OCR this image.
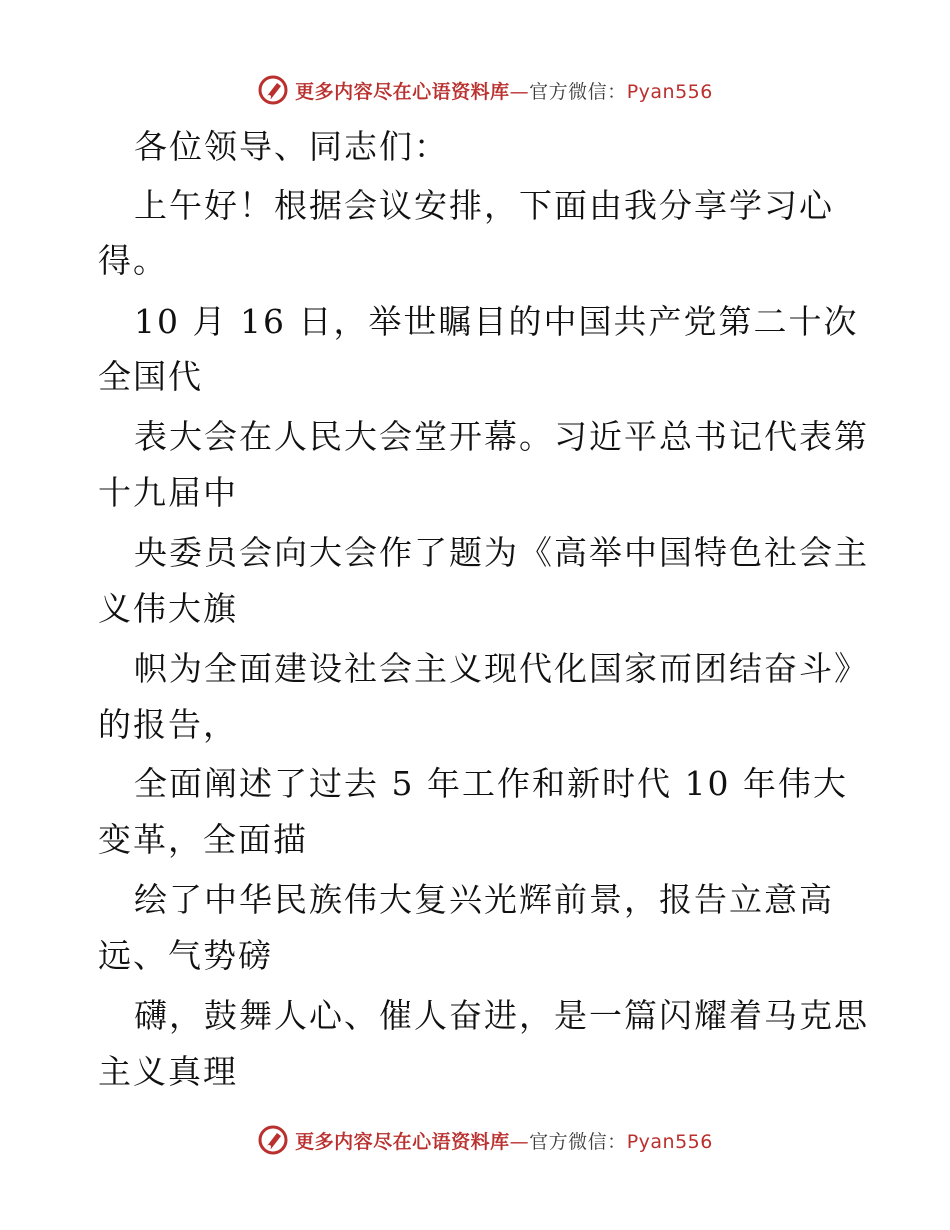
更多内容尽在心语资料库—官方微信：Pyan556
各位领导、同志们：
上午好！根据会议安排，下面由我分享学习心
得。
10 月 16 日，举世瞩目的中国共产党第二十次
全国代
表大会在人民大会堂开幕。习近平总书记代表第
十九届中
央委员会向大会作了题为《高举中国特色社会主
义伟大旗
帜为全面建设社会主义现代化国家而团结奋斗》
的报告，
全面阐述了过去 5 年工作和新时代 10 年伟大
变革，全面描
绘了中华民族伟大复兴光辉前景，报告立意高
远、气势磅
礴，鼓舞人心、催人奋进，是一篇闪耀着马克思
主义真理
更多内容尽在心语资料库—官方微信：Pyan556
